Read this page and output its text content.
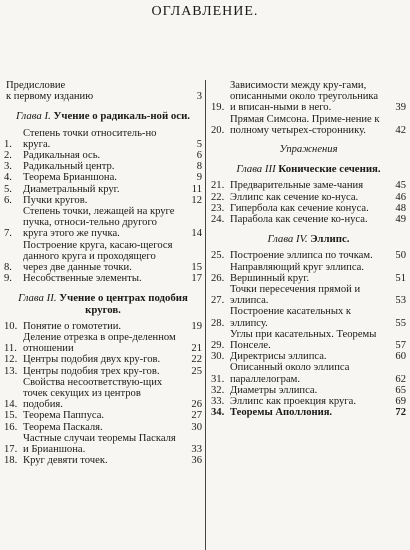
ОГЛАВЛЕНИЕ.
Предисловие
к первому изданию	3
Глава I. Учение о радикаль-ной оси.
1.
Степень точки относитель-но круга.	5
2.	Радикальная ось.	6
3.	Радикальный центр.	8
4.	Теорема Брианшона.	9
5.	Диаметральный круг.	11
6.	Пучки кругов.	12
7.
Степень точки, лежащей на круге пучка, относи-тельно другого круга этого же пучка.	14
8.
Построение круга, касаю-щегося данного круга и проходящего через две данные точки.	15
9.	Несобственные элементы.	17
Глава II. Учение о центрах подобия кругов.
10. Понятие о гомотетии.	19
11.
Деление отрезка в опре-деленном отношении	21
12. Центры подобия двух кру-гов.	22
13. Центры подобия трех кру-гов.	25
14.
Свойства несоответствую-щих точек секущих из центров подобия.	26
15. Теорема Паппуса.	27
16. Теорема Паскаля.	30
17.
Частные случаи теоремы Паскаля и Брианшона.	33
18. Круг девяти точек.	36
19.
Зависимости между кру-гами, описанными около треугольника и вписан-ными в него.	39
20.
Прямая Симсона. Приме-нение к полному четырех-стороннику.	42
Упражнения
Глава III Конические сечения.
21. Предварительные заме-чания	45
22. Эллипс как сечение ко-нуса.	46
23. Гипербола как сечение конуса.	48
24. Парабола как сечение ко-нуса.	49
Глава IV. Эллипс.
25. Построение эллипса по точкам.	50
26.
Направляющий круг эллипса. Вершинный круг.	51
27.
Точки пересечения прямой и эллипса.	53
28.
Построение касательных к эллипсу.	55
29.
Углы при касательных. Теоремы Понселе.	57
30. Директрисы эллипса.	60
31.
Описанный около эллипса параллелограм.	62
32. Диаметры эллипса.	65
33. Эллипс как проекция круга.	69
34. Теоремы Аполлония.	72
